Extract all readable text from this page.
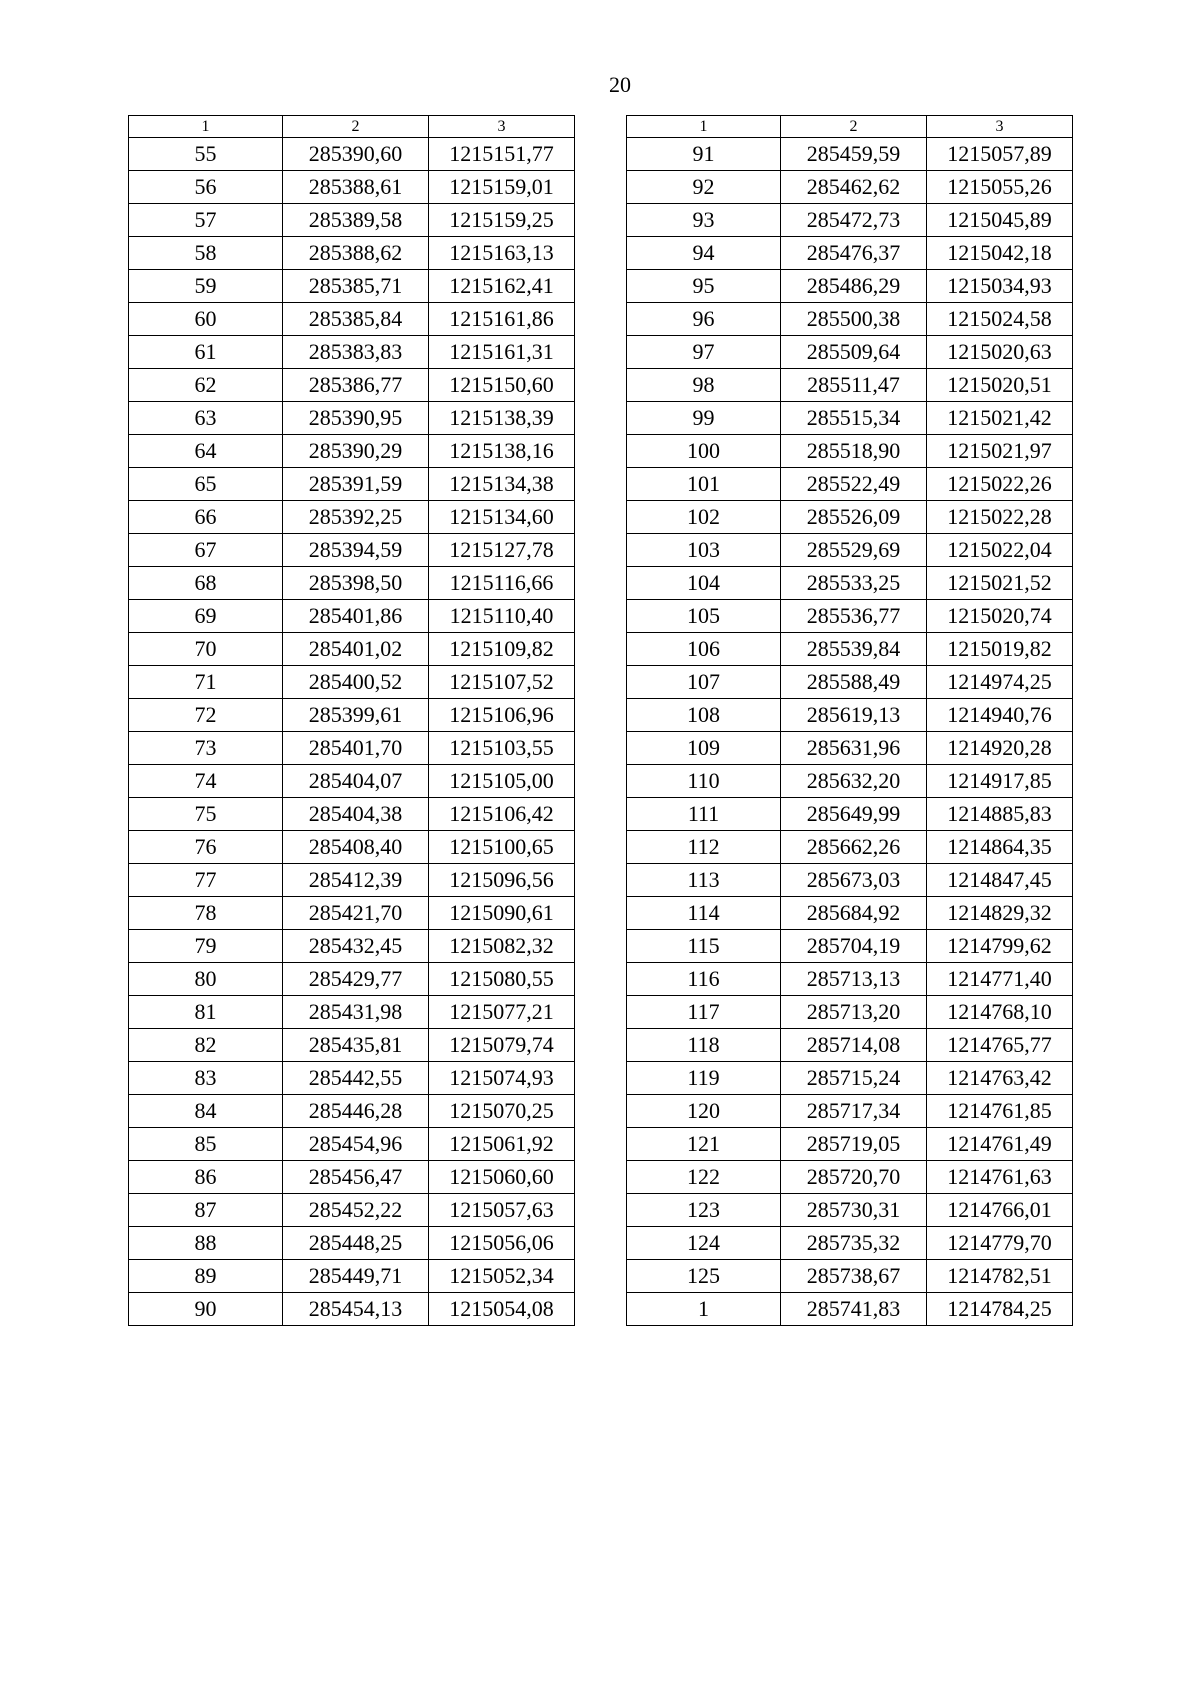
20
1	2	3
55	285390,60	1215151,77
56	285388,61	1215159,01
57	285389,58	1215159,25
58	285388,62	1215163,13
59	285385,71	1215162,41
60	285385,84	1215161,86
61	285383,83	1215161,31
62	285386,77	1215150,60
63	285390,95	1215138,39
64	285390,29	1215138,16
65	285391,59	1215134,38
66	285392,25	1215134,60
67	285394,59	1215127,78
68	285398,50	1215116,66
69	285401,86	1215110,40
70	285401,02	1215109,82
71	285400,52	1215107,52
72	285399,61	1215106,96
73	285401,70	1215103,55
74	285404,07	1215105,00
75	285404,38	1215106,42
76	285408,40	1215100,65
77	285412,39	1215096,56
78	285421,70	1215090,61
79	285432,45	1215082,32
80	285429,77	1215080,55
81	285431,98	1215077,21
82	285435,81	1215079,74
83	285442,55	1215074,93
84	285446,28	1215070,25
85	285454,96	1215061,92
86	285456,47	1215060,60
87	285452,22	1215057,63
88	285448,25	1215056,06
89	285449,71	1215052,34
90	285454,13	1215054,08
1	2	3
91	285459,59	1215057,89
92	285462,62	1215055,26
93	285472,73	1215045,89
94	285476,37	1215042,18
95	285486,29	1215034,93
96	285500,38	1215024,58
97	285509,64	1215020,63
98	285511,47	1215020,51
99	285515,34	1215021,42
100	285518,90	1215021,97
101	285522,49	1215022,26
102	285526,09	1215022,28
103	285529,69	1215022,04
104	285533,25	1215021,52
105	285536,77	1215020,74
106	285539,84	1215019,82
107	285588,49	1214974,25
108	285619,13	1214940,76
109	285631,96	1214920,28
110	285632,20	1214917,85
111	285649,99	1214885,83
112	285662,26	1214864,35
113	285673,03	1214847,45
114	285684,92	1214829,32
115	285704,19	1214799,62
116	285713,13	1214771,40
117	285713,20	1214768,10
118	285714,08	1214765,77
119	285715,24	1214763,42
120	285717,34	1214761,85
121	285719,05	1214761,49
122	285720,70	1214761,63
123	285730,31	1214766,01
124	285735,32	1214779,70
125	285738,67	1214782,51
1	285741,83	1214784,25
